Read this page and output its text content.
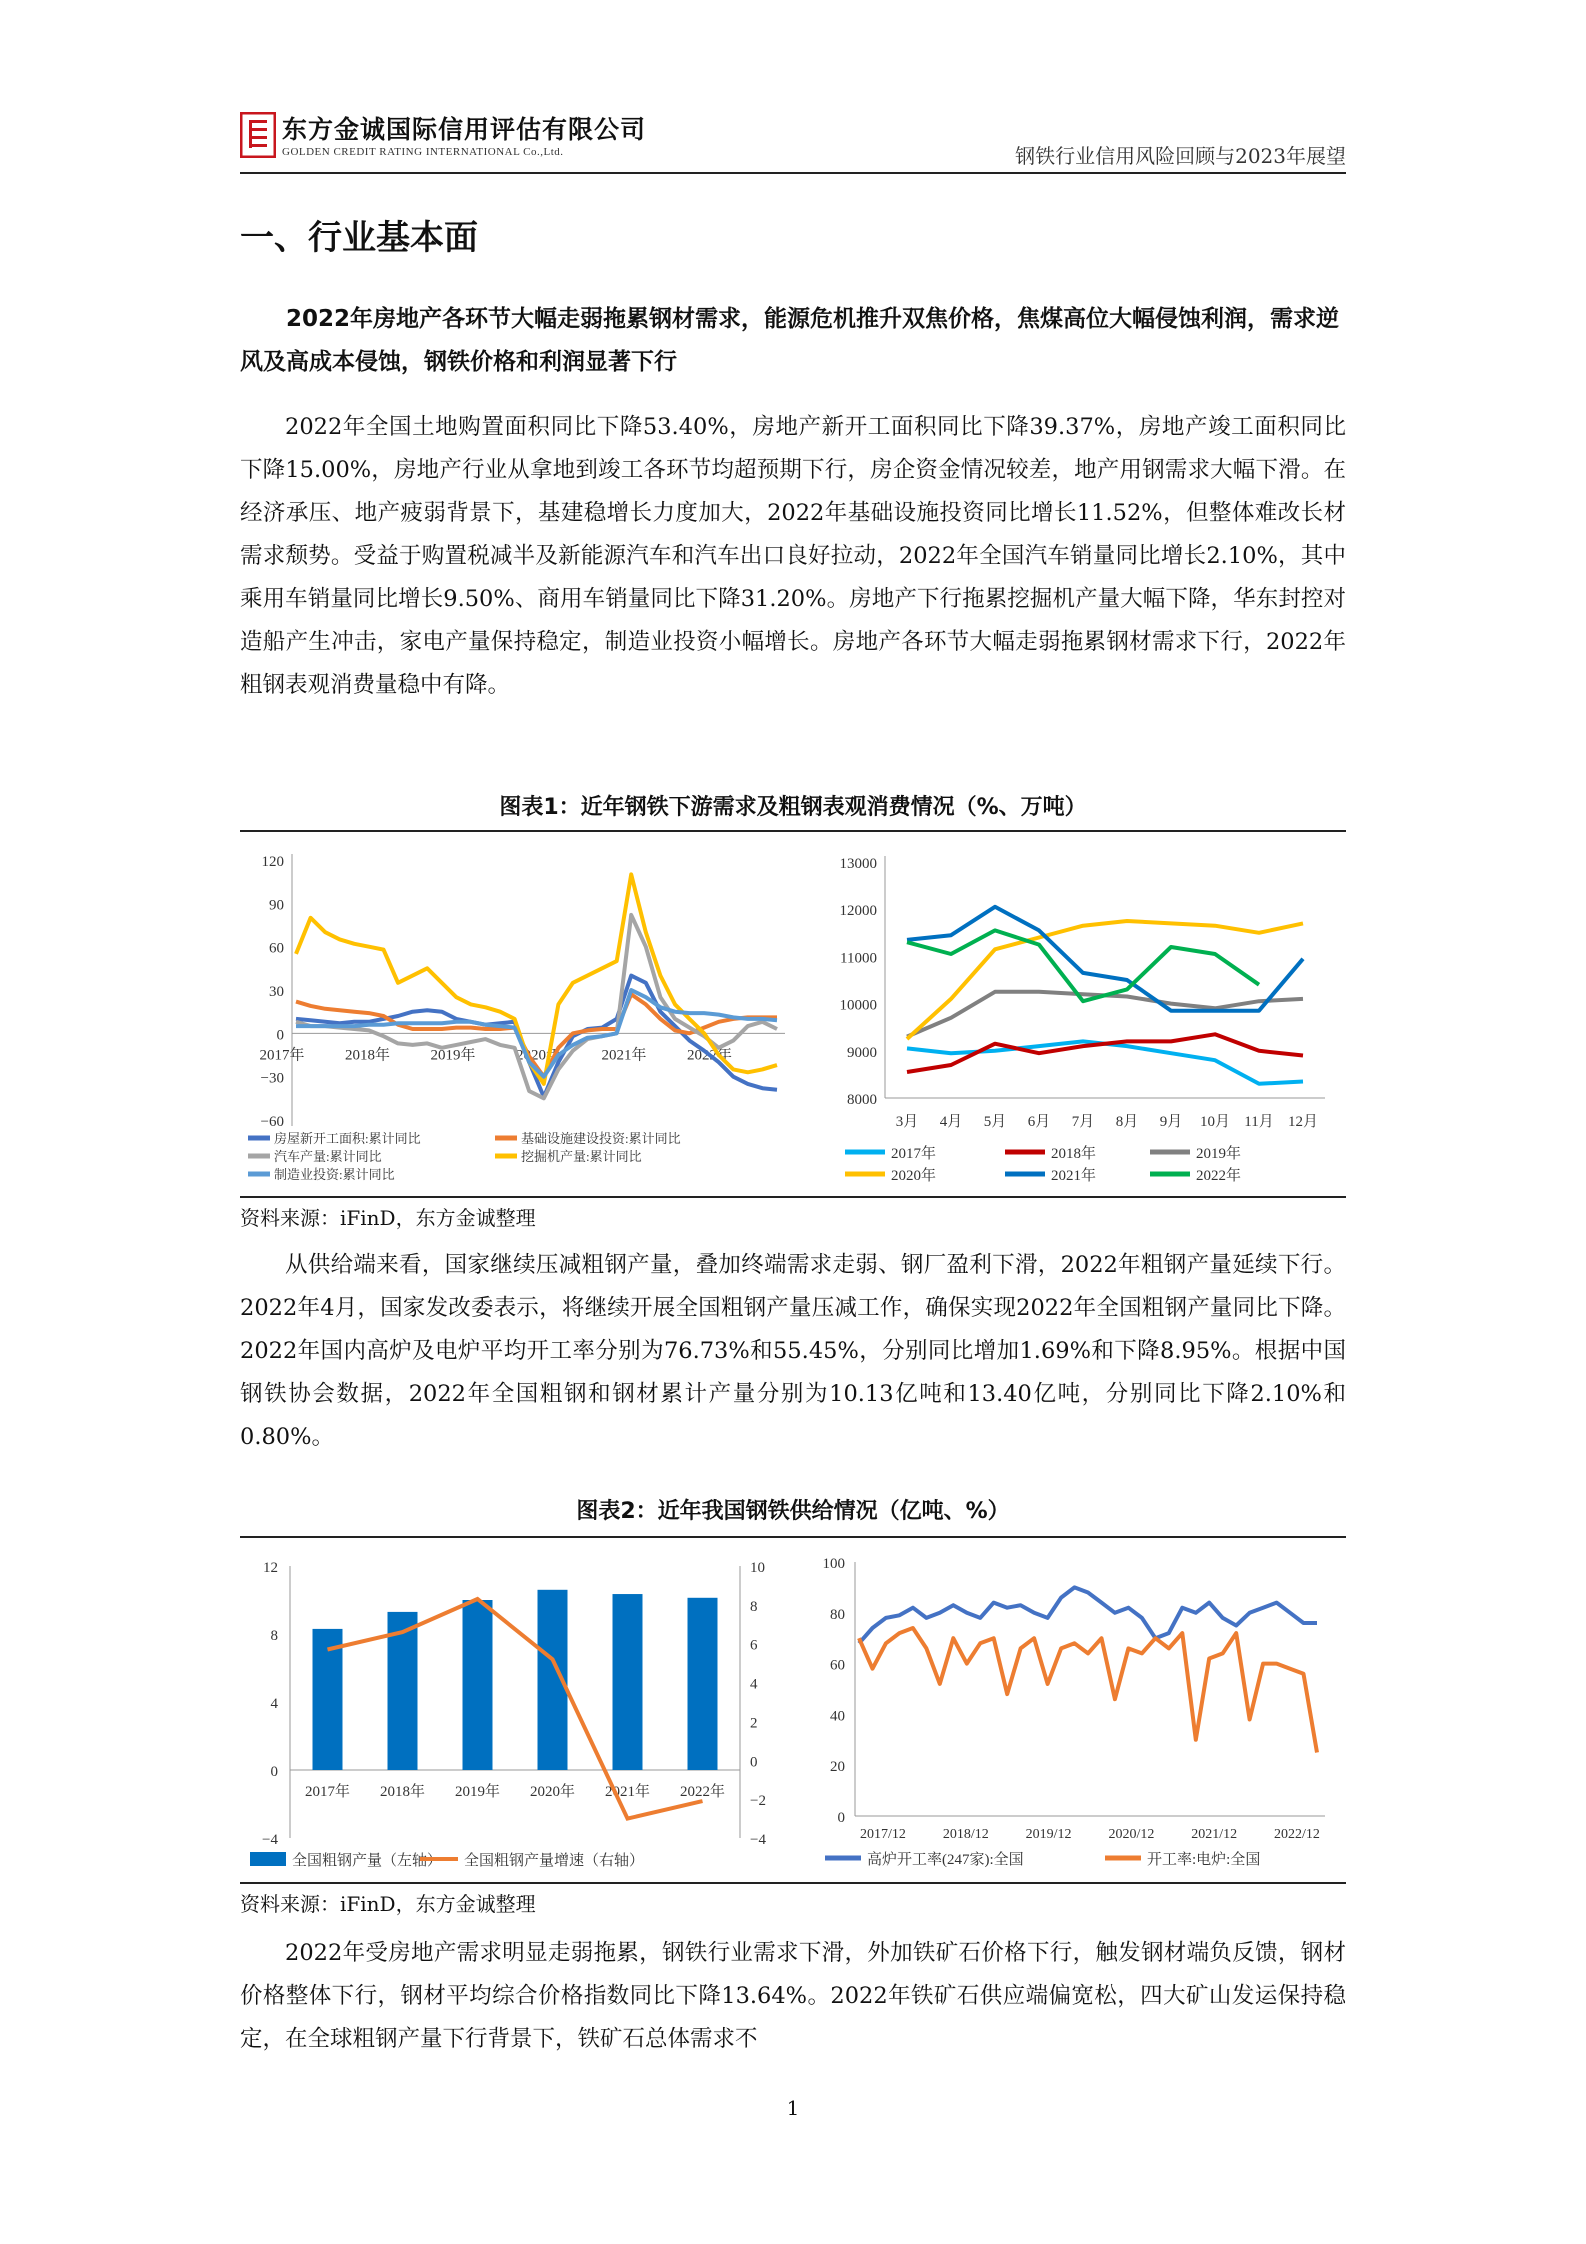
东方金诚国际信用评估有限公司
GOLDEN CREDIT RATING INTERNATIONAL Co.,Ltd.	钢铁行业信用风险回顾与2023年展望
一、行业基本面
2022年房地产各环节大幅走弱拖累钢材需求，能源危机推升双焦价格，焦煤高位大幅侵蚀利润，需求逆风及高成本侵蚀，钢铁价格和利润显著下行

2022年全国土地购置面积同比下降53.40%，房地产新开工面积同比下降39.37%，房地产竣工面积同比下降15.00%，房地产行业从拿地到竣工各环节均超预期下行，房企资金情况较差，地产用钢需求大幅下滑。在经济承压、地产疲弱背景下，基建稳增长力度加大，2022年基础设施投资同比增长11.52%，但整体难改长材需求颓势。受益于购置税减半及新能源汽车和汽车出口良好拉动，2022年全国汽车销量同比增长2.10%，其中乘用车销量同比增长9.50%、商用车销量同比下降31.20%。房地产下行拖累挖掘机产量大幅下降，华东封控对造船产生冲击，家电产量保持稳定，制造业投资小幅增长。房地产各环节大幅走弱拖累钢材需求下行，2022年粗钢表观消费量稳中有降。

图表1：近年钢铁下游需求及粗钢表观消费情况（%、万吨）
120
90
60
30
0
−30
−60
2017年	2018年	2019年	2020年	2021年	2022年
房屋新开工面积:累计同比	基础设施建设投资:累计同比
汽车产量:累计同比	挖掘机产量:累计同比
制造业投资:累计同比
13000
12000
11000
10000
9000
8000
3月 4月 5月 6月 7月 8月 9月 10月 11月 12月
2017年	2018年	2019年
2020年	2021年	2022年
资料来源：iFinD，东方金诚整理

从供给端来看，国家继续压减粗钢产量，叠加终端需求走弱、钢厂盈利下滑，2022年粗钢产量延续下行。2022年4月，国家发改委表示，将继续开展全国粗钢产量压减工作，确保实现2022年全国粗钢产量同比下降。2022年国内高炉及电炉平均开工率分别为76.73%和55.45%，分别同比增加1.69%和下降8.95%。根据中国钢铁协会数据，2022年全国粗钢和钢材累计产量分别为10.13亿吨和13.40亿吨，分别同比下降2.10%和0.80%。

图表2：近年我国钢铁供给情况（亿吨、%）
12
8
4
0
−4
10
8
6
4
2
0
−2
−4
2017年 2018年 2019年 2020年 2021年 2022年
全国粗钢产量（左轴） 全国粗钢产量增速（右轴）
100
80
60
40
20
0
2017/12	2018/12	2019/12	2020/12	2021/12	2022/12
高炉开工率(247家):全国	开工率:电炉:全国
资料来源：iFinD，东方金诚整理

2022年受房地产需求明显走弱拖累，钢铁行业需求下滑，外加铁矿石价格下行，触发钢材端负反馈，钢材价格整体下行，钢材平均综合价格指数同比下降13.64%。2022年铁矿石供应端偏宽松，四大矿山发运保持稳定，在全球粗钢产量下行背景下，铁矿石总体需求不

1
